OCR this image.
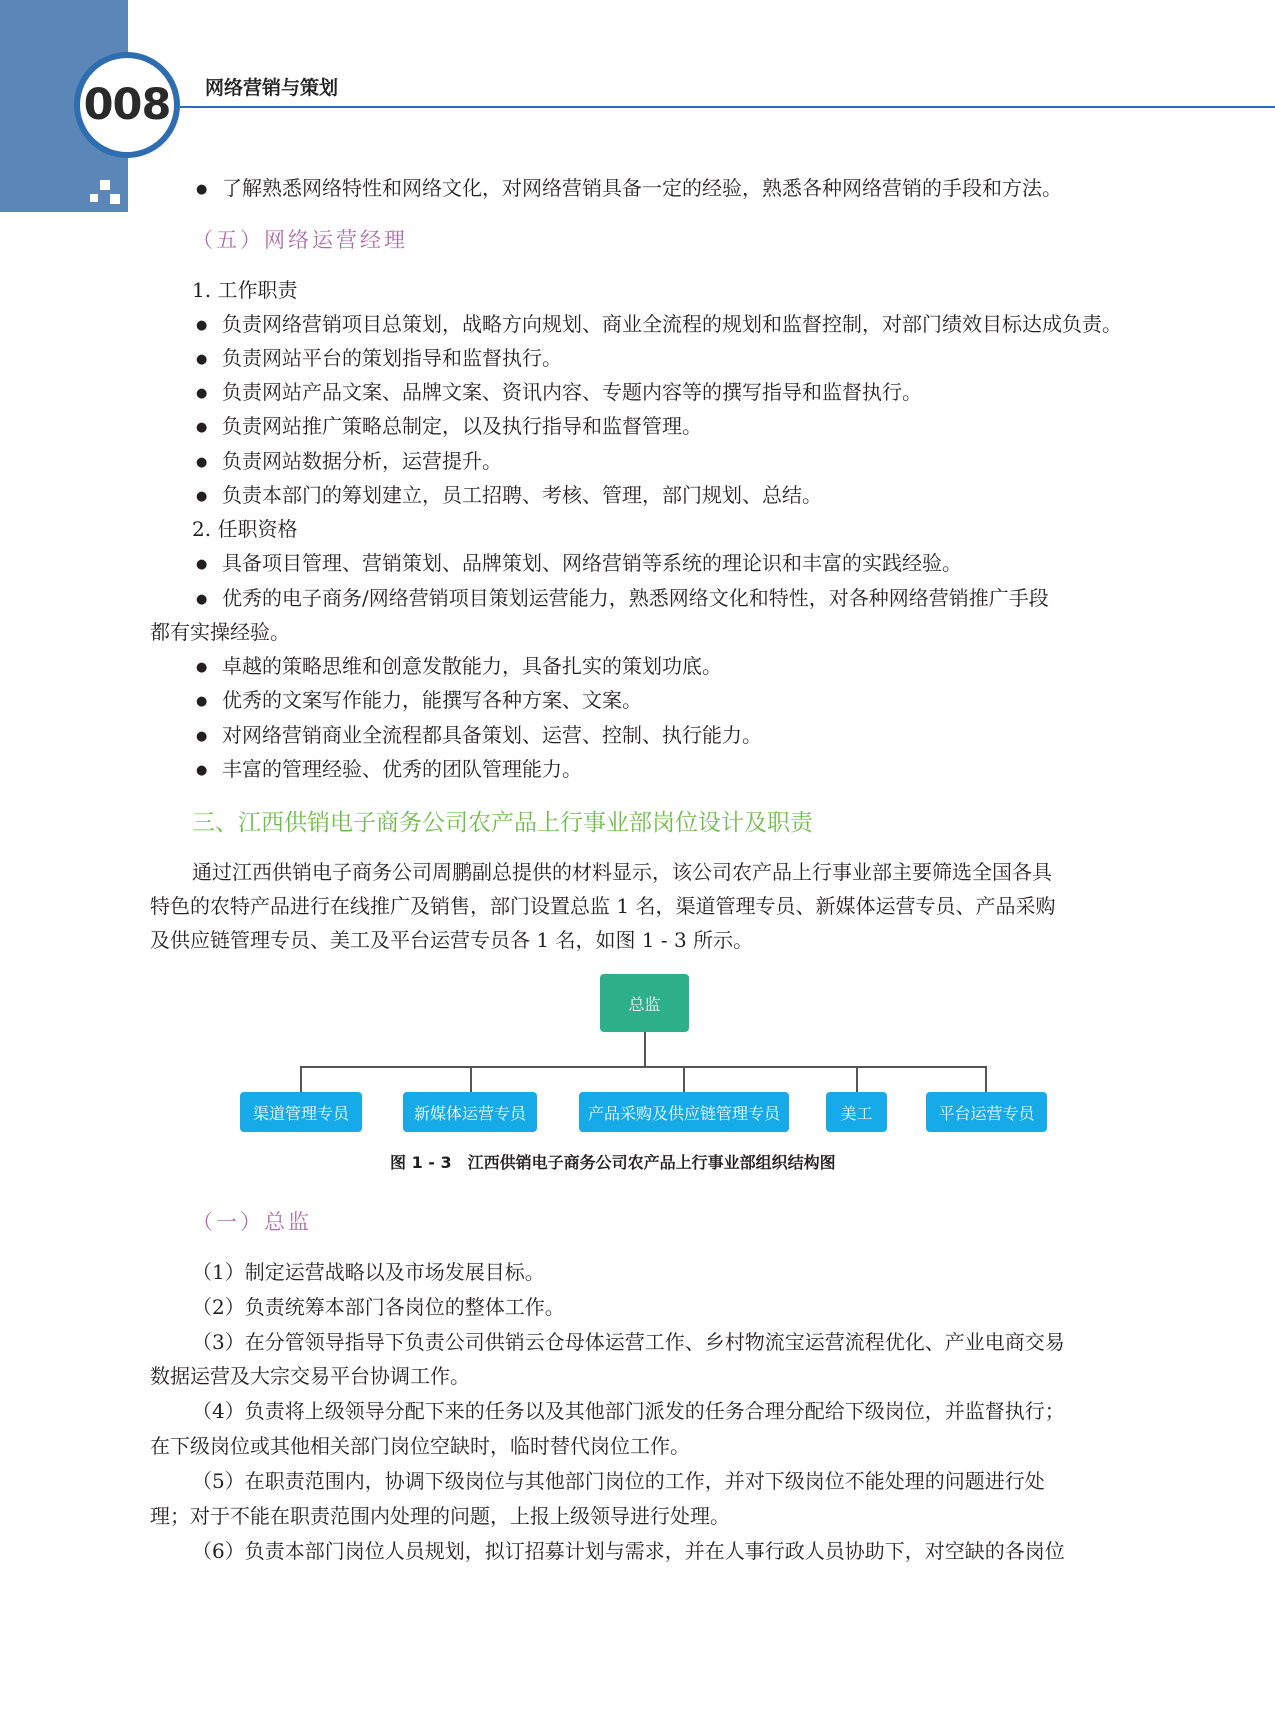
008	网络营销与策划
● 了解熟悉网络特性和网络文化，对网络营销具备一定的经验，熟悉各种网络营销的手段和方法。
（五）网络运营经理
1. 工作职责
● 负责网络营销项目总策划，战略方向规划、商业全流程的规划和监督控制，对部门绩效目标达成负责。
● 负责网站平台的策划指导和监督执行。
● 负责网站产品文案、品牌文案、资讯内容、专题内容等的撰写指导和监督执行。
● 负责网站推广策略总制定，以及执行指导和监督管理。
● 负责网站数据分析，运营提升。
● 负责本部门的筹划建立，员工招聘、考核、管理，部门规划、总结。
2. 任职资格
● 具备项目管理、营销策划、品牌策划、网络营销等系统的理论识和丰富的实践经验。
● 优秀的电子商务/网络营销项目策划运营能力，熟悉网络文化和特性，对各种网络营销推广手段
都有实操经验。
● 卓越的策略思维和创意发散能力，具备扎实的策划功底。
● 优秀的文案写作能力，能撰写各种方案、文案。
● 对网络营销商业全流程都具备策划、运营、控制、执行能力。
● 丰富的管理经验、优秀的团队管理能力。
三、江西供销电子商务公司农产品上行事业部岗位设计及职责
通过江西供销电子商务公司周鹏副总提供的材料显示，该公司农产品上行事业部主要筛选全国各具
特色的农特产品进行在线推广及销售，部门设置总监 1 名，渠道管理专员、新媒体运营专员、产品采购
及供应链管理专员、美工及平台运营专员各 1 名，如图 1 - 3 所示。
总监
渠道管理专员	新媒体运营专员	产品采购及供应链管理专员	美工	平台运营专员
图 1 - 3　江西供销电子商务公司农产品上行事业部组织结构图
（一）总监
（1）制定运营战略以及市场发展目标。
（2）负责统筹本部门各岗位的整体工作。
（3）在分管领导指导下负责公司供销云仓母体运营工作、乡村物流宝运营流程优化、产业电商交易
数据运营及大宗交易平台协调工作。
（4）负责将上级领导分配下来的任务以及其他部门派发的任务合理分配给下级岗位，并监督执行；
在下级岗位或其他相关部门岗位空缺时，临时替代岗位工作。
（5）在职责范围内，协调下级岗位与其他部门岗位的工作，并对下级岗位不能处理的问题进行处
理；对于不能在职责范围内处理的问题，上报上级领导进行处理。
（6）负责本部门岗位人员规划，拟订招募计划与需求，并在人事行政人员协助下，对空缺的各岗位
